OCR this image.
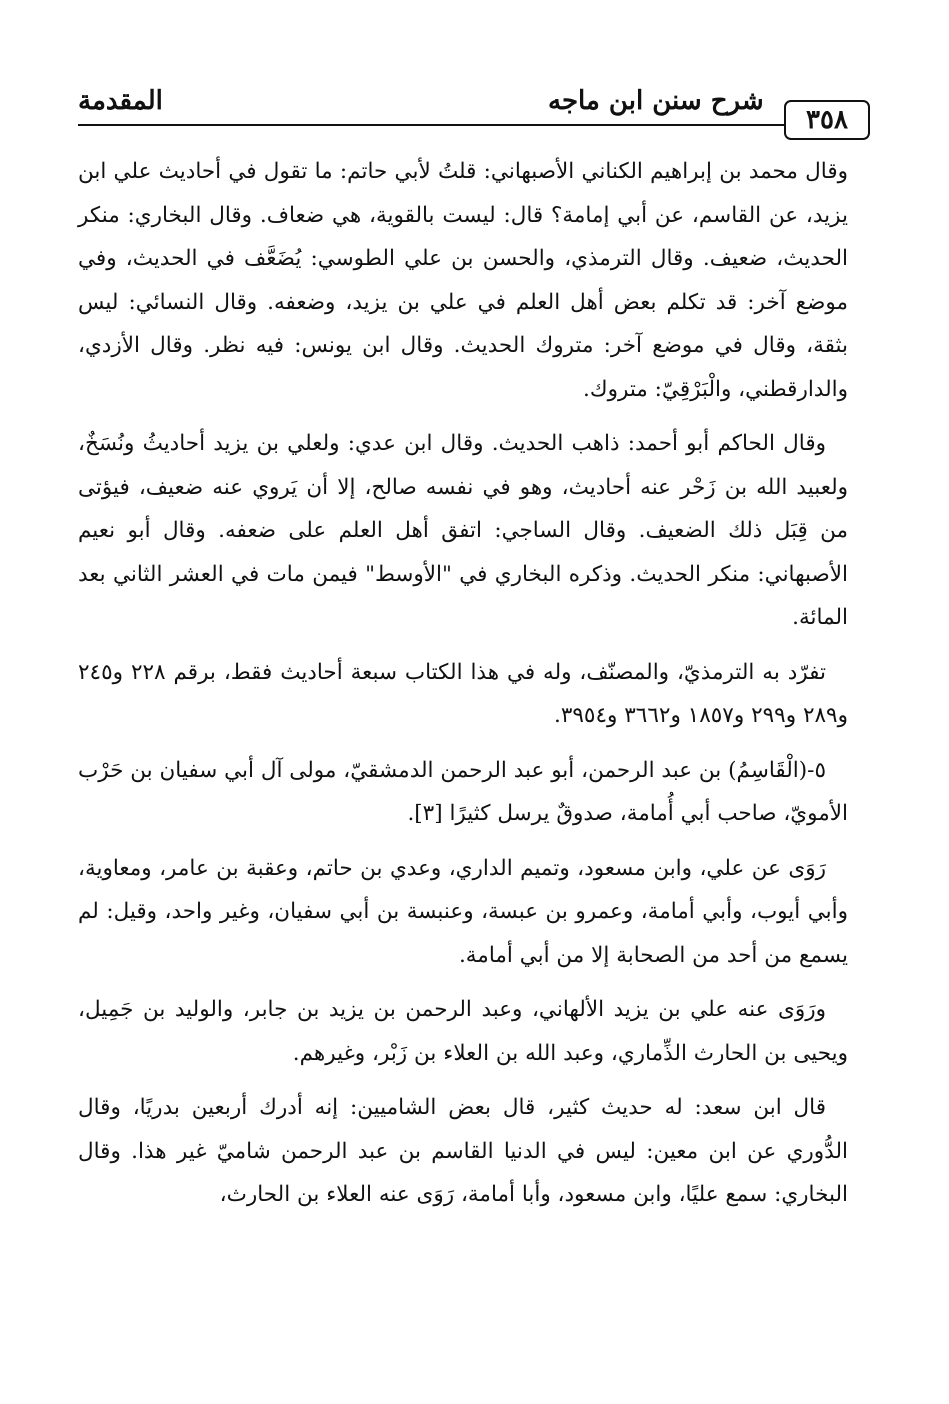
المقدمة	شرح سنن ابن ماجه
٣٥٨

وقال محمد بن إبراهيم الكناني الأصبهاني: قلتُ لأبي حاتم: ما تقول في أحاديث علي ابن يزيد، عن القاسم، عن أبي إمامة؟ قال: ليست بالقوية، هي ضعاف. وقال البخاري: منكر الحديث، ضعيف. وقال الترمذي، والحسن بن علي الطوسي: يُضَعَّف في الحديث، وفي موضع آخر: قد تكلم بعض أهل العلم في علي بن يزيد، وضعفه. وقال النسائي: ليس بثقة، وقال في موضع آخر: متروك الحديث. وقال ابن يونس: فيه نظر. وقال الأزدي، والدارقطني، والْبَرْقِيّ: متروك.

وقال الحاكم أبو أحمد: ذاهب الحديث. وقال ابن عدي: ولعلي بن يزيد أحاديثُ ونُسَخٌ، ولعبيد الله بن زَحْر عنه أحاديث، وهو في نفسه صالح، إلا أن يَروي عنه ضعيف، فيؤتى من قِبَل ذلك الضعيف. وقال الساجي: اتفق أهل العلم على ضعفه. وقال أبو نعيم الأصبهاني: منكر الحديث. وذكره البخاري في "الأوسط" فيمن مات في العشر الثاني بعد المائة.

تفرّد به الترمذيّ، والمصنّف، وله في هذا الكتاب سبعة أحاديث فقط، برقم ٢٢٨ و٢٤٥ و٢٨٩ و٢٩٩ و١٨٥٧ و٣٦٦٢ و٣٩٥٤.

٥-(الْقَاسِمُ) بن عبد الرحمن، أبو عبد الرحمن الدمشقيّ، مولى آل أبي سفيان بن حَرْب الأمويّ، صاحب أبي أُمامة، صدوقٌ يرسل كثيرًا [٣].

رَوَى عن علي، وابن مسعود، وتميم الداري، وعدي بن حاتم، وعقبة بن عامر، ومعاوية، وأبي أيوب، وأبي أمامة، وعمرو بن عبسة، وعنبسة بن أبي سفيان، وغير واحد، وقيل: لم يسمع من أحد من الصحابة إلا من أبي أمامة.

ورَوَى عنه علي بن يزيد الألهاني، وعبد الرحمن بن يزيد بن جابر، والوليد بن جَمِيل، ويحيى بن الحارث الذِّماري، وعبد الله بن العلاء بن زَبْر، وغيرهم.

قال ابن سعد: له حديث كثير، قال بعض الشاميين: إنه أدرك أربعين بدريًا، وقال الدُّوري عن ابن معين: ليس في الدنيا القاسم بن عبد الرحمن شاميّ غير هذا. وقال البخاري: سمع عليًا، وابن مسعود، وأبا أمامة، رَوَى عنه العلاء بن الحارث،
